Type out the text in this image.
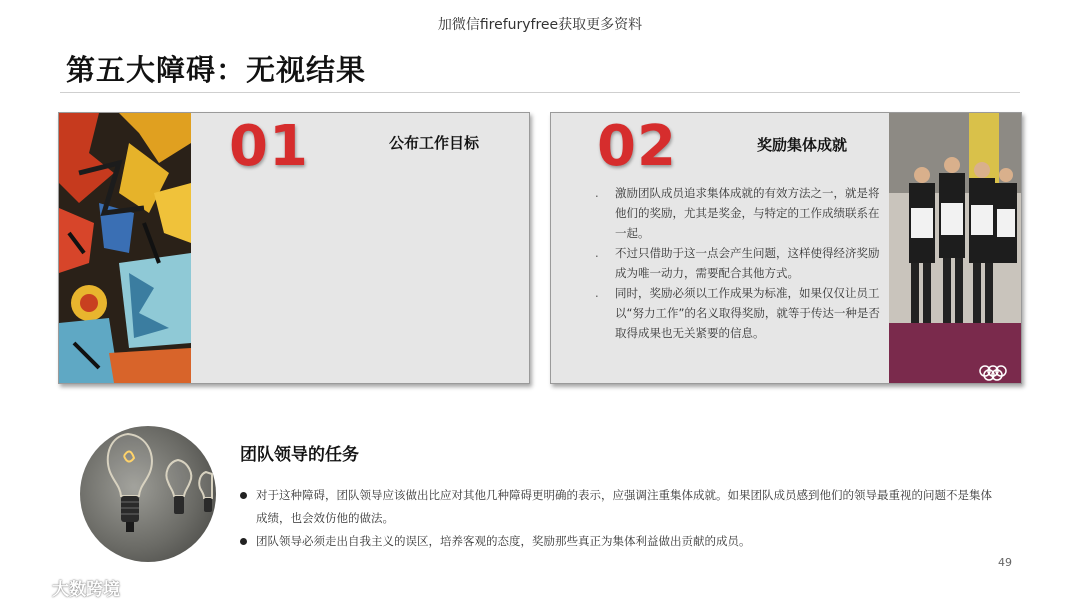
加微信firefuryfree获取更多资料
第五大障碍：无视结果
01	公布工作目标 02	奖励集体成就
. 激励团队成员追求集体成就的有效方法之一，就是将他们的奖励，尤其是奖金，与特定的工作成绩联系在一起。
. 不过只借助于这一点会产生问题，这样使得经济奖励成为唯一动力，需要配合其他方式。
. 同时，奖励必须以工作成果为标准，如果仅仅让员工以“努力工作”的名义取得奖励，就等于传达一种是否取得成果也无关紧要的信息。
团队领导的任务
对于这种障碍，团队领导应该做出比应对其他几种障碍更明确的表示，应强调注重集体成就。如果团队成员感到他们的领导最重视的问题不是集体成绩，也会效仿他的做法。
团队领导必须走出自我主义的误区，培养客观的态度，奖励那些真正为集体利益做出贡献的成员。
49
大数跨境
